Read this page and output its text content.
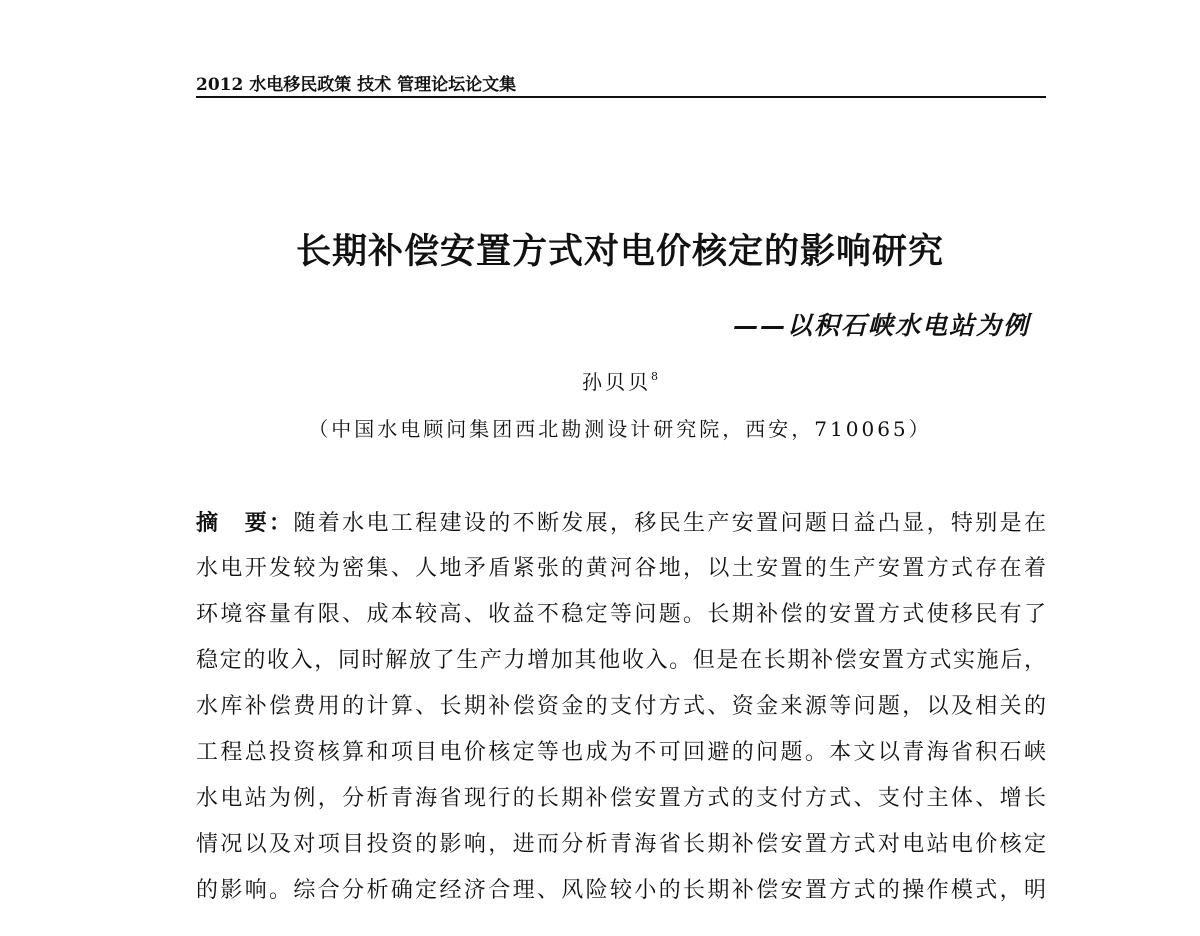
2012 水电移民政策 技术 管理论坛论文集
长期补偿安置方式对电价核定的影响研究
——以积石峡水电站为例
孙贝贝$^8$
（中国水电顾问集团西北勘测设计研究院，西安，710065）
摘　要：随着水电工程建设的不断发展，移民生产安置问题日益凸显，特别是在
水电开发较为密集、人地矛盾紧张的黄河谷地，以土安置的生产安置方式存在着
环境容量有限、成本较高、收益不稳定等问题。长期补偿的安置方式使移民有了
稳定的收入，同时解放了生产力增加其他收入。但是在长期补偿安置方式实施后，
水库补偿费用的计算、长期补偿资金的支付方式、资金来源等问题，以及相关的
工程总投资核算和项目电价核定等也成为不可回避的问题。本文以青海省积石峡
水电站为例，分析青海省现行的长期补偿安置方式的支付方式、支付主体、增长
情况以及对项目投资的影响，进而分析青海省长期补偿安置方式对电站电价核定
的影响。综合分析确定经济合理、风险较小的长期补偿安置方式的操作模式，明
